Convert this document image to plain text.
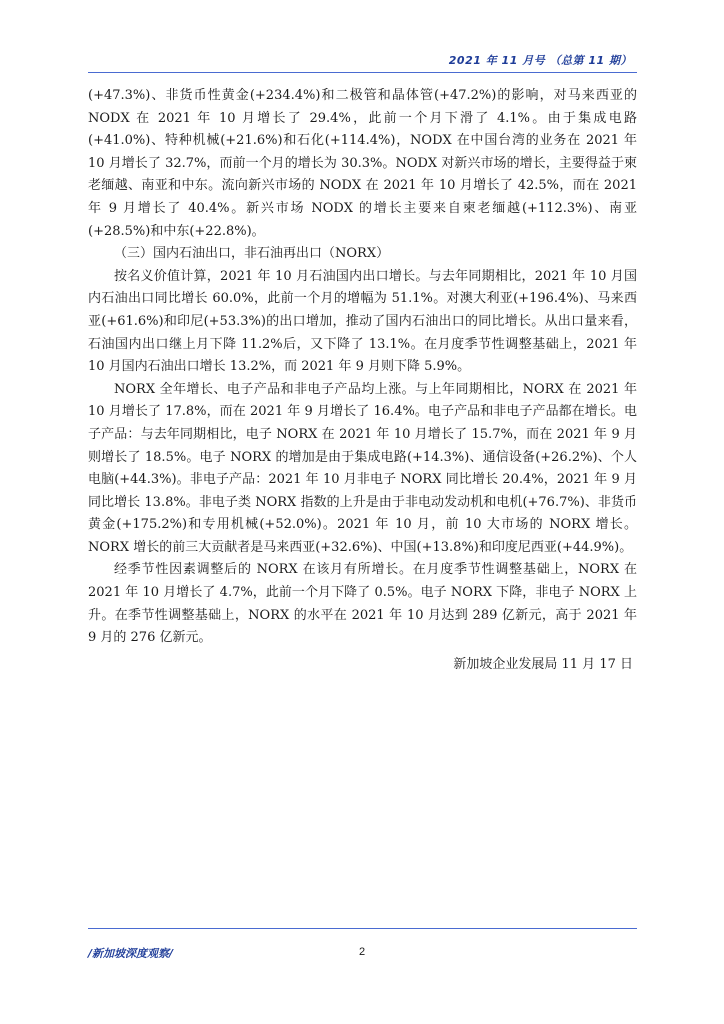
2021 年 11 月号 （总第 11 期）

(+47.3%)、非货币性黄金(+234.4%)和二极管和晶体管(+47.2%)的影响，对马来西亚的 NODX 在 2021 年 10 月增长了 29.4%，此前一个月下滑了 4.1%。由于集成电路(+41.0%)、特种机械(+21.6%)和石化(+114.4%)，NODX 在中国台湾的业务在 2021 年 10 月增长了 32.7%，而前一个月的增长为 30.3%。NODX 对新兴市场的增长，主要得益于柬老缅越、南亚和中东。流向新兴市场的 NODX 在 2021 年 10 月增长了 42.5%，而在 2021 年 9 月增长了 40.4%。新兴市场 NODX 的增长主要来自柬老缅越(+112.3%)、南亚(+28.5%)和中东(+22.8%)。

（三）国内石油出口，非石油再出口（NORX）

按名义价值计算，2021 年 10 月石油国内出口增长。与去年同期相比，2021 年 10 月国内石油出口同比增长 60.0%，此前一个月的增幅为 51.1%。对澳大利亚(+196.4%)、马来西亚(+61.6%)和印尼(+53.3%)的出口增加，推动了国内石油出口的同比增长。从出口量来看，石油国内出口继上月下降 11.2%后，又下降了 13.1%。在月度季节性调整基础上，2021 年 10 月国内石油出口增长 13.2%，而 2021 年 9 月则下降 5.9%。

NORX 全年增长、电子产品和非电子产品均上涨。与上年同期相比，NORX 在 2021 年 10 月增长了 17.8%，而在 2021 年 9 月增长了 16.4%。电子产品和非电子产品都在增长。电子产品：与去年同期相比，电子 NORX 在 2021 年 10 月增长了 15.7%，而在 2021 年 9 月则增长了 18.5%。电子 NORX 的增加是由于集成电路(+14.3%)、通信设备(+26.2%)、个人电脑(+44.3%)。非电子产品：2021 年 10 月非电子 NORX 同比增长 20.4%，2021 年 9 月同比增长 13.8%。非电子类 NORX 指数的上升是由于非电动发动机和电机(+76.7%)、非货币黄金(+175.2%)和专用机械(+52.0%)。2021 年 10 月，前 10 大市场的 NORX 增长。NORX 增长的前三大贡献者是马来西亚(+32.6%)、中国(+13.8%)和印度尼西亚(+44.9%)。

经季节性因素调整后的 NORX 在该月有所增长。在月度季节性调整基础上，NORX 在 2021 年 10 月增长了 4.7%，此前一个月下降了 0.5%。电子 NORX 下降，非电子 NORX 上升。在季节性调整基础上，NORX 的水平在 2021 年 10 月达到 289 亿新元，高于 2021 年 9 月的 276 亿新元。

新加坡企业发展局 11 月 17 日

/新加坡深度观察/	2
